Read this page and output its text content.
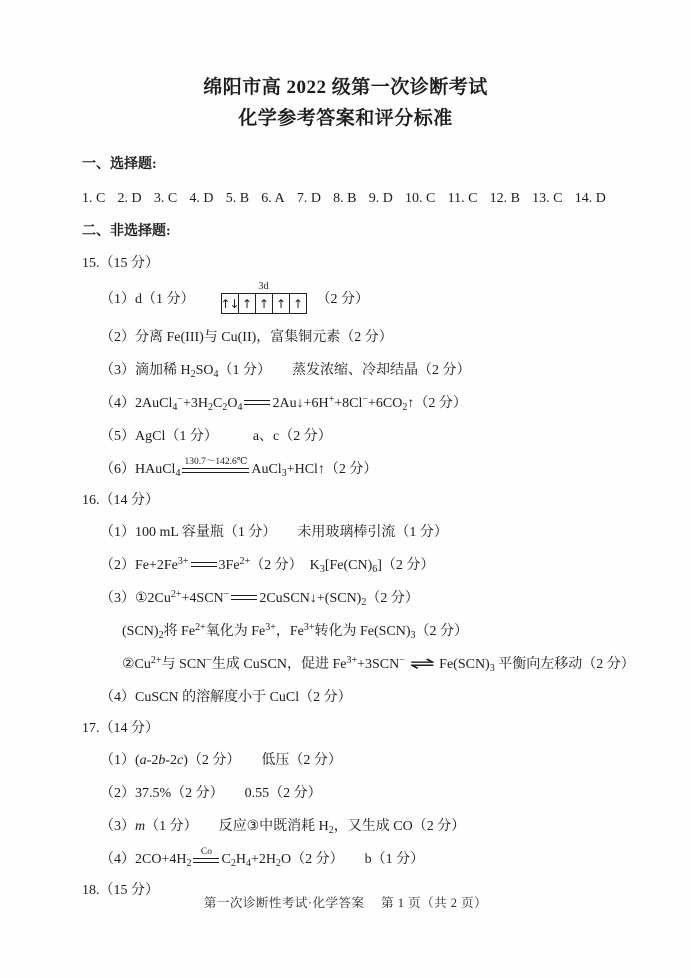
绵阳市高 2022 级第一次诊断考试
化学参考答案和评分标准
一、选择题:
1. C 2. D 3. C 4. D 5. B 6. A 7. D 8. B 9. D 10. C 11. C 12. B 13. C 14. D
二、非选择题:
15.（15 分）
（1）d（1 分）
3d
↑↓ ↑ ↑ ↑ ↑	（2 分）
（2）分离 Fe(III)与 Cu(II)，富集铜元素（2 分）
（3）滴加稀 $H_2SO_4(1$ 分）　　蒸发浓缩、冷却结晶（2 分）
$(4)2AuCl_4^-+3H_2C_2O_4$ $2Au↓+6H^++8Cl^-+6CO_2↑(2$ 分）
（5）AgCl（1 分）　　　a、c（2 分）
（6）HAuCl$_4$
130.7～142.6℃
AuCl$_3$+HCl↑（2 分）
16.（14 分）
（1）100 mL 容量瓶（1 分）　　未用玻璃棒引流（1 分）
$(2)Fe+2Fe^{3+}$ $3Fe^{2+}(2$ 分）　$K_3[Fe(CN)_6](2$ 分）
$(3)①2Cu^{2+}+4SCN^-$ $2CuSCN↓+(SCN)_2(2$ 分）
$(SCN)_2$将 $Fe^{2+}$氧化为 $Fe^{3+}$，$Fe^{3+}$转化为 $Fe(SCN)_3(2$ 分）
$②Cu^{2+}$与 SCN−生成 CuSCN，促进 $Fe^{3+}+3SCN^-$ ⇌ $Fe(SCN)_3$ 平衡向左移动（2 分）
（4）CuSCN 的溶解度小于 CuCl（2 分）
17.（14 分）
（1）(a-2b-2c)（2 分）　　低压（2 分）
（2）37.5%（2 分）　　0.55（2 分）
（3）m（1 分）　　反应③中既消耗 $H_2$，又生成 CO（2 分）
$(4)2CO+4H_2$
Co
$C_2H_4+2H_2O(2$ 分）　　b（1 分）
18.（15 分）
第一次诊断性考试·化学答案　 第 1 页（共 2 页）
